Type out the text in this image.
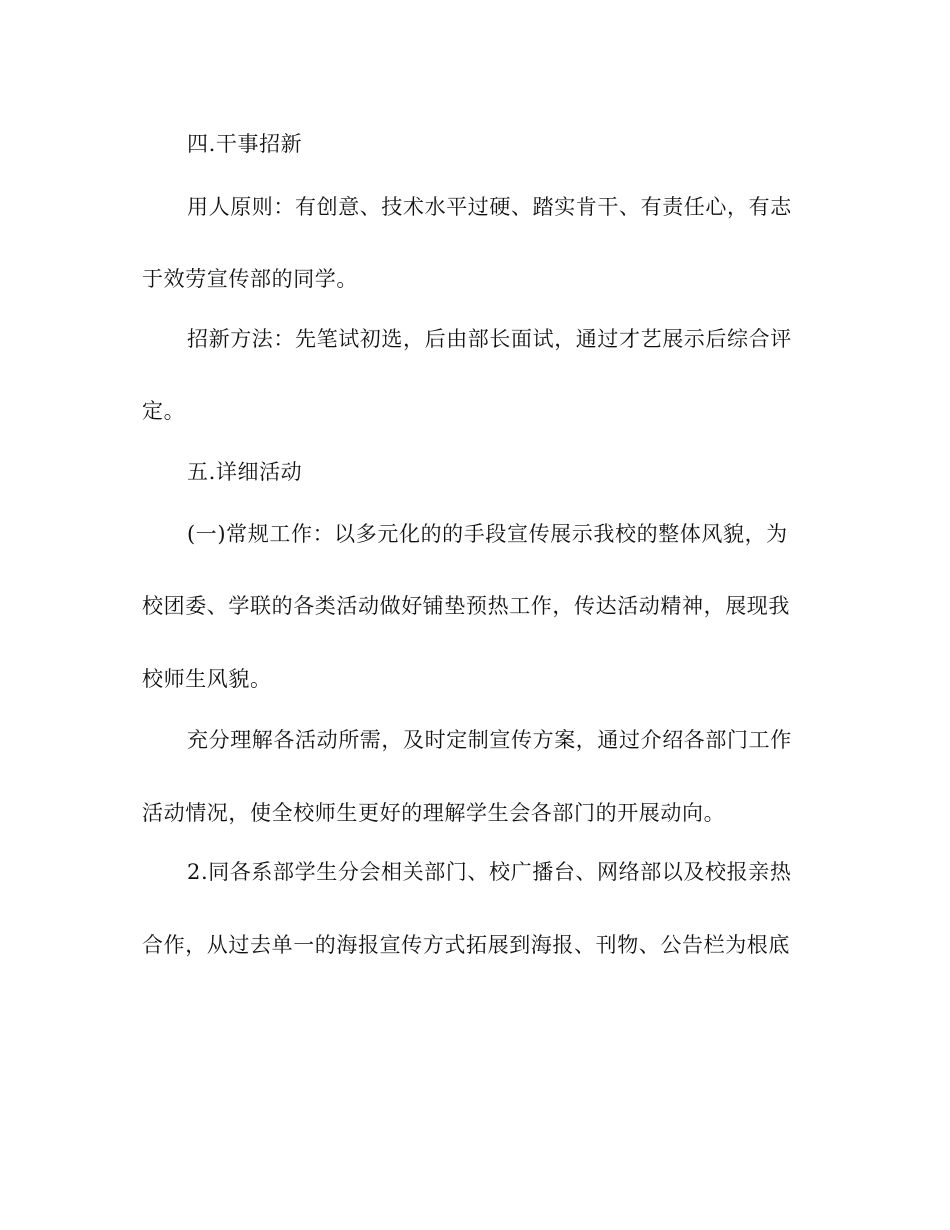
四.干事招新
用人原则：有创意、技术水平过硬、踏实肯干、有责任心，有志
于效劳宣传部的同学。
招新方法：先笔试初选，后由部长面试，通过才艺展示后综合评
定。
五.详细活动
(一)常规工作：以多元化的的手段宣传展示我校的整体风貌，为
校团委、学联的各类活动做好铺垫预热工作，传达活动精神，展现我
校师生风貌。
充分理解各活动所需，及时定制宣传方案，通过介绍各部门工作
活动情况，使全校师生更好的理解学生会各部门的开展动向。
2.同各系部学生分会相关部门、校广播台、网络部以及校报亲热
合作，从过去单一的海报宣传方式拓展到海报、刊物、公告栏为根底
